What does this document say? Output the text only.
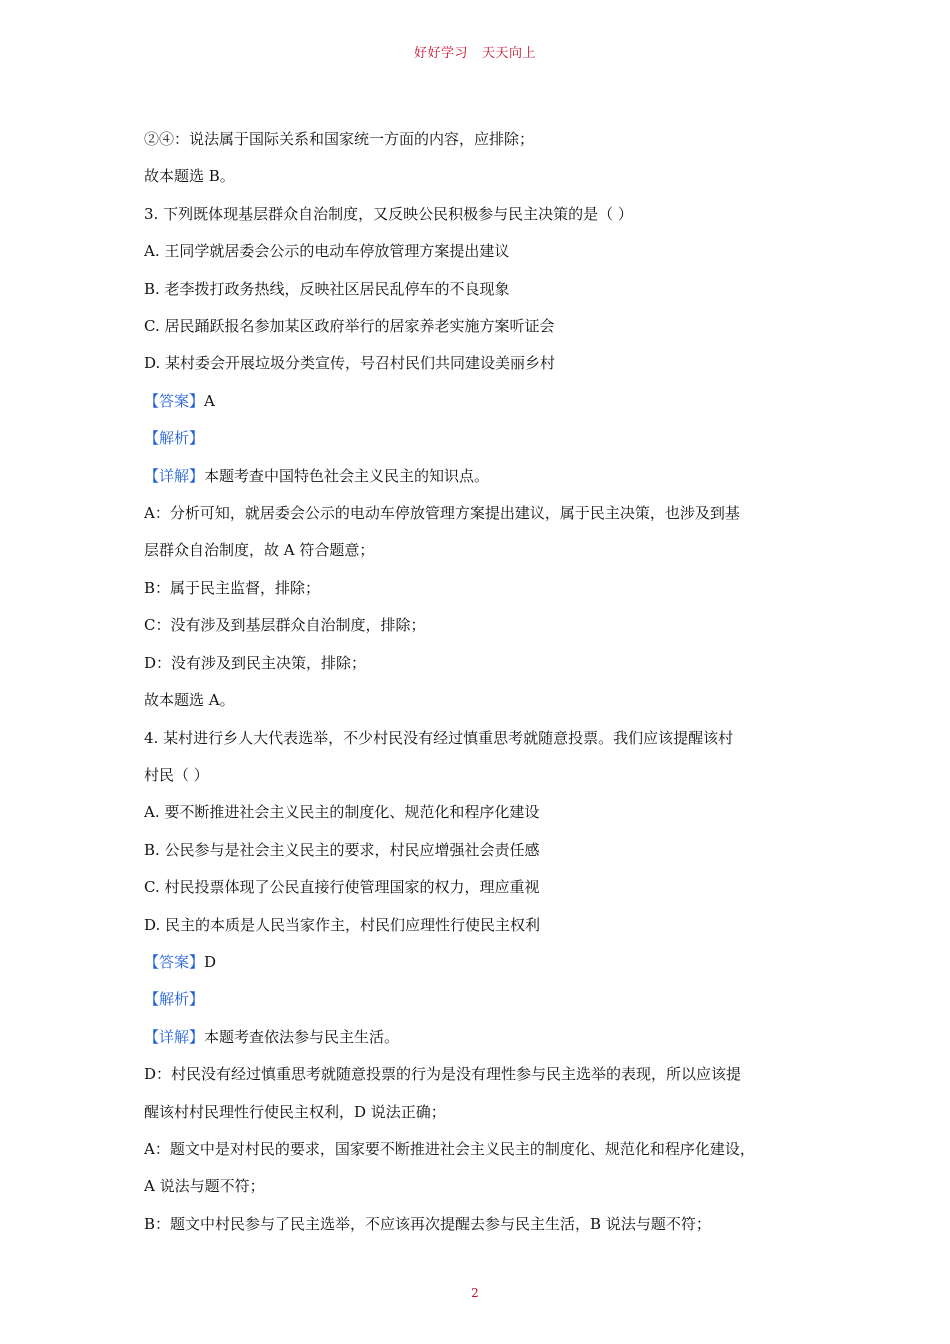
好好学习 天天向上
②④：说法属于国际关系和国家统一方面的内容，应排除；
故本题选 B。
3. 下列既体现基层群众自治制度，又反映公民积极参与民主决策的是（ ）
A. 王同学就居委会公示的电动车停放管理方案提出建议
B. 老李拨打政务热线，反映社区居民乱停车的不良现象
C. 居民踊跃报名参加某区政府举行的居家养老实施方案听证会
D. 某村委会开展垃圾分类宣传，号召村民们共同建设美丽乡村
【答案】A
【解析】
【详解】本题考查中国特色社会主义民主的知识点。
A：分析可知，就居委会公示的电动车停放管理方案提出建议，属于民主决策，也涉及到基
层群众自治制度，故 A 符合题意；
B：属于民主监督，排除；
C：没有涉及到基层群众自治制度，排除；
D：没有涉及到民主决策，排除；
故本题选 A。
4. 某村进行乡人大代表选举，不少村民没有经过慎重思考就随意投票。我们应该提醒该村
村民（ ）
A. 要不断推进社会主义民主的制度化、规范化和程序化建设
B. 公民参与是社会主义民主的要求，村民应增强社会责任感
C. 村民投票体现了公民直接行使管理国家的权力，理应重视
D. 民主的本质是人民当家作主，村民们应理性行使民主权利
【答案】D
【解析】
【详解】本题考查依法参与民主生活。
D：村民没有经过慎重思考就随意投票的行为是没有理性参与民主选举的表现，所以应该提
醒该村村民理性行使民主权利，D 说法正确；
A：题文中是对村民的要求，国家要不断推进社会主义民主的制度化、规范化和程序化建设，
A 说法与题不符；
B：题文中村民参与了民主选举，不应该再次提醒去参与民主生活，B 说法与题不符；
2
